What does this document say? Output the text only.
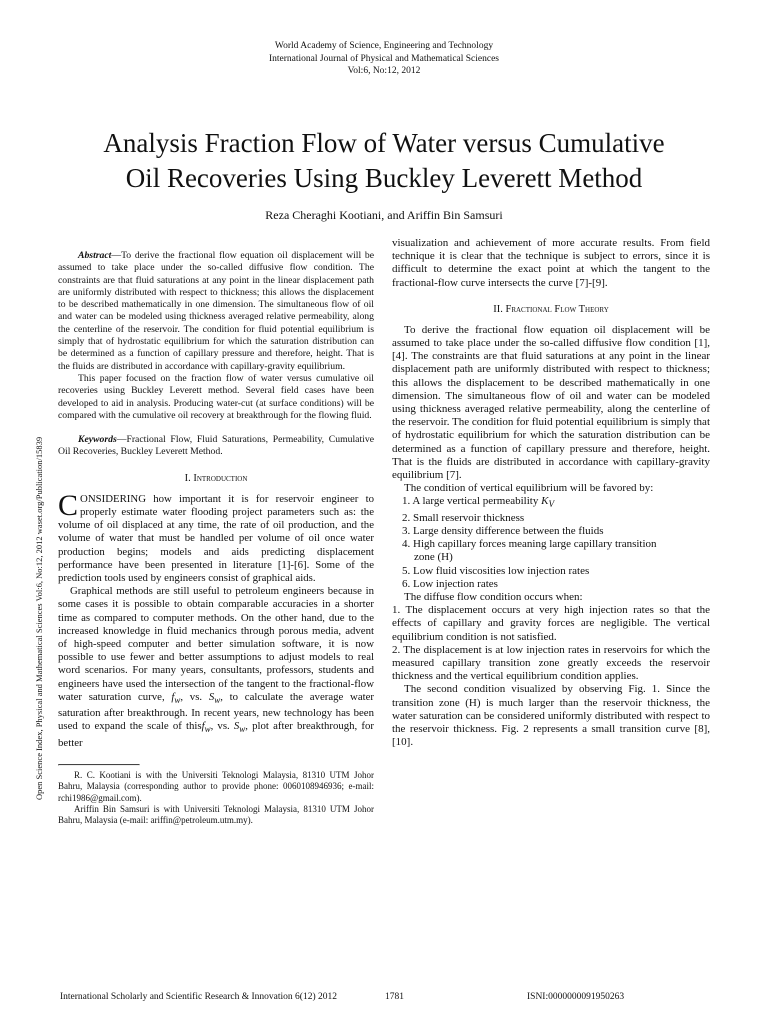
World Academy of Science, Engineering and Technology
International Journal of Physical and Mathematical Sciences
Vol:6, No:12, 2012
Analysis Fraction Flow of Water versus Cumulative
Oil Recoveries Using Buckley Leverett Method
Reza Cheraghi Kootiani, and Ariffin Bin Samsuri
Open Science Index, Physical and Mathematical Sciences Vol:6, No:12, 2012 waset.org/Publication/15839

Abstract—To derive the fractional flow equation oil displacement will be assumed to take place under the so-called diffusive flow condition. The constraints are that fluid saturations at any point in the linear displacement path are uniformly distributed with respect to thickness; this allows the displacement to be described mathematically in one dimension. The simultaneous flow of oil and water can be modeled using thickness averaged relative permeability, along the centerline of the reservoir. The condition for fluid potential equilibrium is simply that of hydrostatic equilibrium for which the saturation distribution can be determined as a function of capillary pressure and therefore, height. That is the fluids are distributed in accordance with capillary-gravity equilibrium.

This paper focused on the fraction flow of water versus cumulative oil recoveries using Buckley Leverett method. Several field cases have been developed to aid in analysis. Producing water-cut (at surface conditions) will be compared with the cumulative oil recovery at breakthrough for the flowing fluid.

Keywords—Fractional Flow, Fluid Saturations, Permeability, Cumulative Oil Recoveries, Buckley Leverett Method.

I. Introduction

CONSIDERING how important it is for reservoir engineer to properly estimate water flooding project parameters such as: the volume of oil displaced at any time, the rate of oil production, and the volume of water that must be handled per volume of oil once water production begins; models and aids predicting displacement performance have been presented in literature [1]-[6]. Some of the prediction tools used by engineers consist of graphical aids.

Graphical methods are still useful to petroleum engineers because in some cases it is possible to obtain comparable accuracies in a shorter time as compared to computer methods. On the other hand, due to the increased knowledge in fluid mechanics through porous media, advent of high-speed computer and better simulation software, it is now possible to use fewer and better assumptions to adjust models to real word scenarios. For many years, consultants, professors, students and engineers have used the intersection of the tangent to the fractional-flow water saturation curve, $f_w$, vs. $S_w$, to calculate the average water saturation after breakthrough. In recent years, new technology has been used to expand the scale of thisf$_w$, vs. $S_w$, plot after breakthrough, for better

R. C. Kootiani is with the Universiti Teknologi Malaysia, 81310 UTM Johor Bahru, Malaysia (corresponding author to provide phone: 0060108946936; e-mail: rchi1986@gmail.com).

Ariffin Bin Samsuri is with Universiti Teknologi Malaysia, 81310 UTM Johor Bahru, Malaysia (e-mail: ariffin@petroleum.utm.my).

visualization and achievement of more accurate results. From field technique it is clear that the technique is subject to errors, since it is difficult to determine the exact point at which the tangent to the fractional-flow curve intersects the curve [7]-[9].

II. Fractional Flow Theory

To derive the fractional flow equation oil displacement will be assumed to take place under the so-called diffusive flow condition [1], [4]. The constraints are that fluid saturations at any point in the linear displacement path are uniformly distributed with respect to thickness; this allows the displacement to be described mathematically in one dimension. The simultaneous flow of oil and water can be modeled using thickness averaged relative permeability, along the centerline of the reservoir. The condition for fluid potential equilibrium is simply that of hydrostatic equilibrium for which the saturation distribution can be determined as a function of capillary pressure and therefore, height. That is the fluids are distributed in accordance with capillary-gravity equilibrium [7].

The condition of vertical equilibrium will be favored by:

1. A large vertical permeability $K_V$
2. Small reservoir thickness
3. Large density difference between the fluids
4. High capillary forces meaning large capillary transition
zone (H)
5. Low fluid viscosities low injection rates
6. Low injection rates

The diffuse flow condition occurs when:

1. The displacement occurs at very high injection rates so that the effects of capillary and gravity forces are negligible. The vertical equilibrium condition is not satisfied.

2. The displacement is at low injection rates in reservoirs for which the measured capillary transition zone greatly exceeds the reservoir thickness and the vertical equilibrium condition applies.

The second condition visualized by observing Fig. 1. Since the transition zone (H) is much larger than the reservoir thickness, the water saturation can be considered uniformly distributed with respect to the reservoir thickness. Fig. 2 represents a small transition curve [8], [10].

International Scholarly and Scientific Research & Innovation 6(12) 2012	1781	ISNI:0000000091950263
